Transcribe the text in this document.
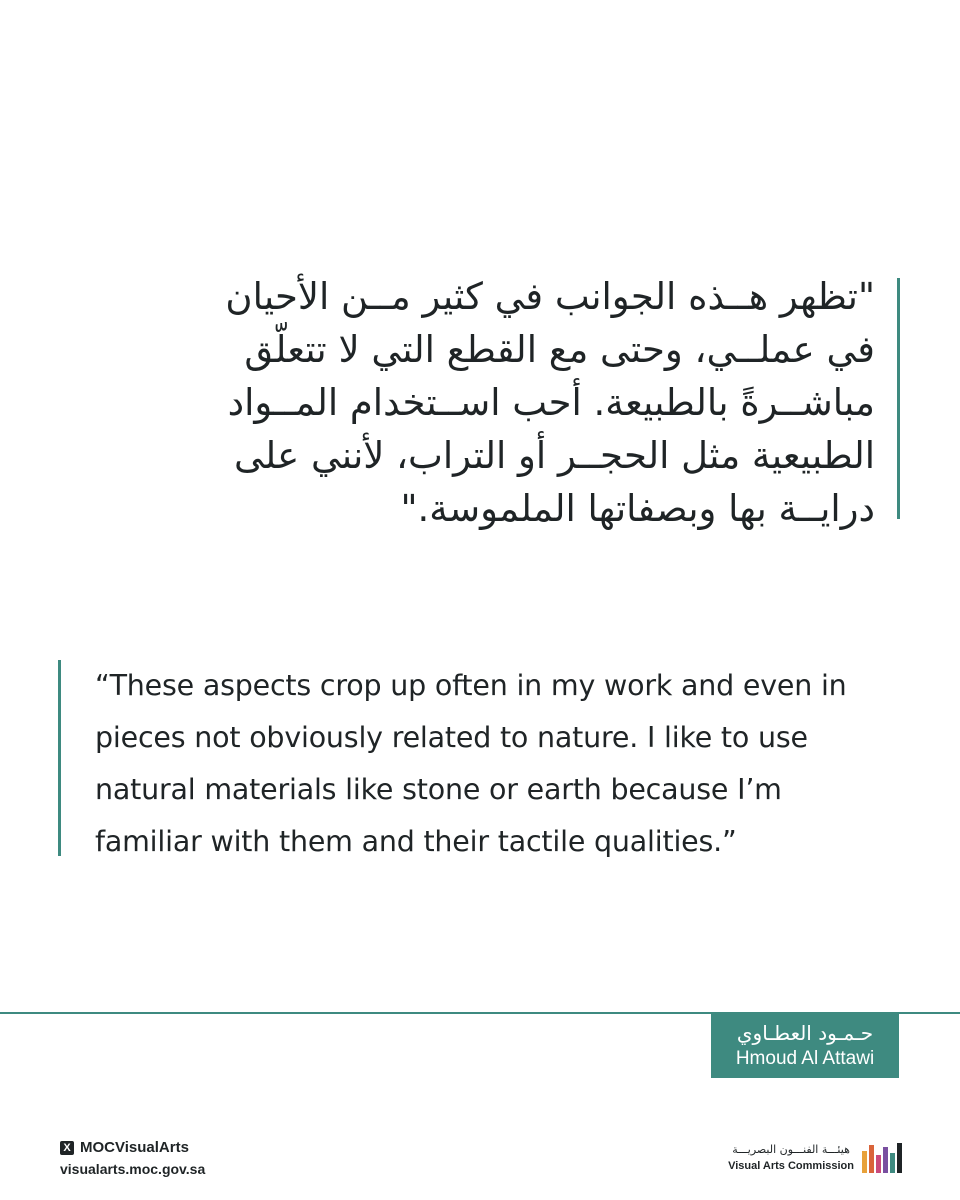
"تظهر هــذه الجوانب في كثير مــن الأحيان في عملــي، وحتى مع القطع التي لا تتعلّق مباشــرةً بالطبيعة. أحب اســتخدام المــواد الطبيعية مثل الحجــر أو التراب، لأنني على درايــة بها وبصفاتها الملموسة."
“These aspects crop up often in my work and even in pieces not obviously related to nature. I like to use natural materials like stone or earth because I’m familiar with them and their tactile qualities.”
حـمـود العطـاوي
Hmoud Al Attawi
X MOCVisualArts
visualarts.moc.gov.sa
هيئـــة الفنـــون البصريـــة
Visual Arts Commission
